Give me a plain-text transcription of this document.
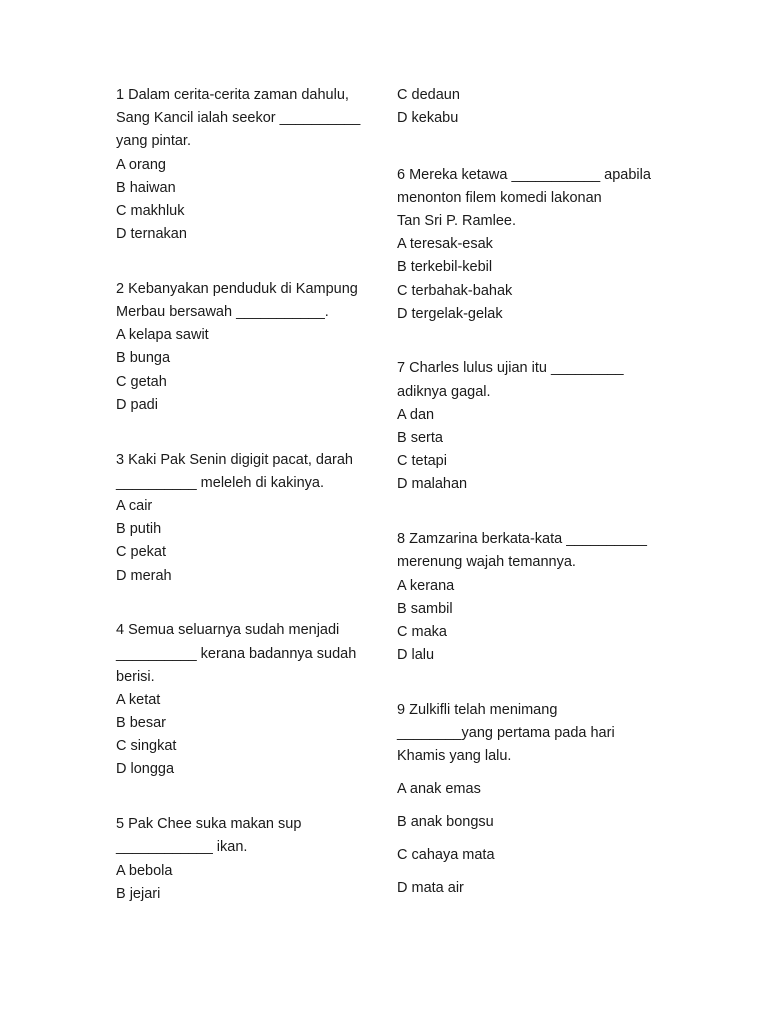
1 Dalam cerita-cerita zaman dahulu,
Sang Kancil ialah seekor __________
yang pintar.
A orang
B haiwan
C makhluk
D ternakan
2 Kebanyakan penduduk di Kampung
Merbau bersawah ___________.
A kelapa sawit
B bunga
C getah
D padi
3 Kaki Pak Senin digigit pacat, darah
__________ meleleh di kakinya.
A cair
B putih
C pekat
D merah
4 Semua seluarnya sudah menjadi
__________ kerana badannya sudah
berisi.
A ketat
B besar
C singkat
D longga
5 Pak Chee suka makan sup
____________ ikan.
A bebola
B jejari
C dedaun
D kekabu
6 Mereka ketawa ___________ apabila
menonton filem komedi lakonan
Tan Sri P. Ramlee.
A teresak-esak
B terkebil-kebil
C terbahak-bahak
D tergelak-gelak
7 Charles lulus ujian itu _________
adiknya gagal.
A dan
B serta
C tetapi
D malahan
8 Zamzarina berkata-kata __________
merenung wajah temannya.
A kerana
B sambil
C maka
D lalu
9 Zulkifli telah menimang
________yang pertama pada hari
Khamis yang lalu.
A anak emas
B anak bongsu
C cahaya mata
D mata air
